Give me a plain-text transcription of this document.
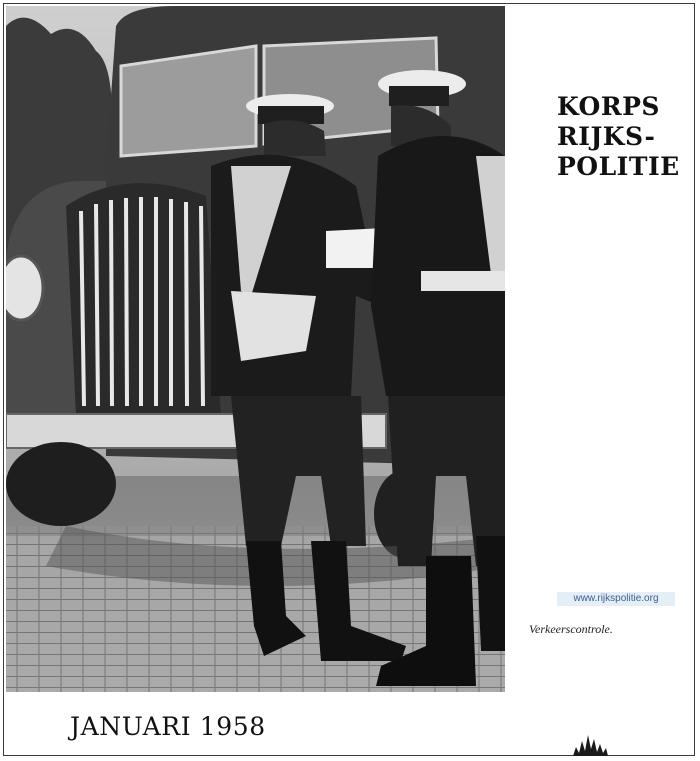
KORPS
RIJKS-
POLITIE
www.rijkspolitie.org
Verkeerscontrole.
JANUARI 1958
